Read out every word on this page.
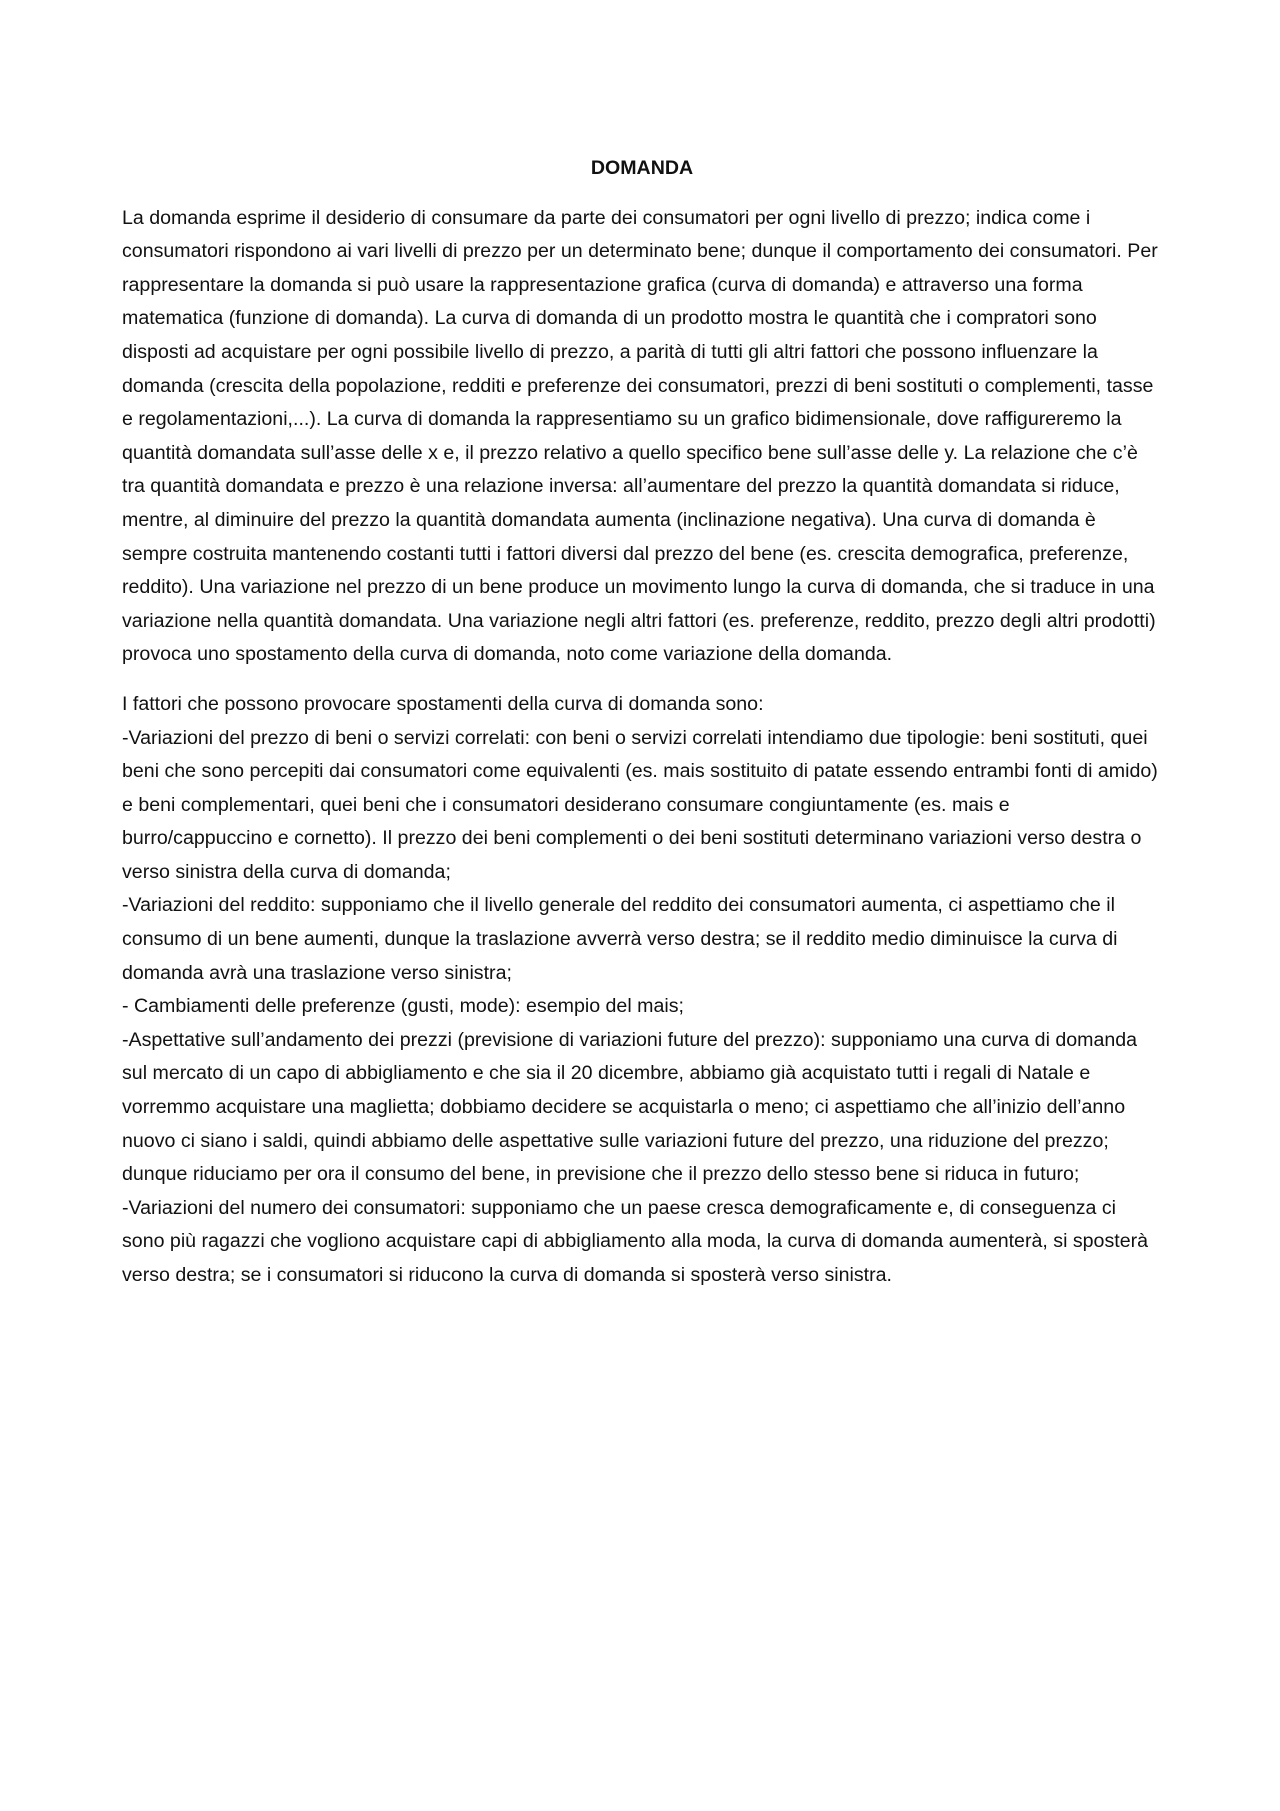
DOMANDA

La domanda esprime il desiderio di consumare da parte dei consumatori per ogni livello di prezzo; indica come i consumatori rispondono ai vari livelli di prezzo per un determinato bene; dunque il comportamento dei consumatori. Per rappresentare la domanda si può usare la rappresentazione grafica (curva di domanda) e attraverso una forma matematica (funzione di domanda). La curva di domanda di un prodotto mostra le quantità che i compratori sono disposti ad acquistare per ogni possibile livello di prezzo, a parità di tutti gli altri fattori che possono influenzare la domanda (crescita della popolazione, redditi e preferenze dei consumatori, prezzi di beni sostituti o complementi, tasse e regolamentazioni,...). La curva di domanda la rappresentiamo su un grafico bidimensionale, dove raffigureremo la quantità domandata sull’asse delle x e, il prezzo relativo a quello specifico bene sull’asse delle y. La relazione che c’è tra quantità domandata e prezzo è una relazione inversa: all’aumentare del prezzo la quantità domandata si riduce, mentre, al diminuire del prezzo la quantità domandata aumenta (inclinazione negativa). Una curva di domanda è sempre costruita mantenendo costanti tutti i fattori diversi dal prezzo del bene (es. crescita demografica, preferenze, reddito). Una variazione nel prezzo di un bene produce un movimento lungo la curva di domanda, che si traduce in una variazione nella quantità domandata. Una variazione negli altri fattori (es. preferenze, reddito, prezzo degli altri prodotti) provoca uno spostamento della curva di domanda, noto come variazione della domanda.

I fattori che possono provocare spostamenti della curva di domanda sono:

-Variazioni del prezzo di beni o servizi correlati: con beni o servizi correlati intendiamo due tipologie: beni sostituti, quei beni che sono percepiti dai consumatori come equivalenti (es. mais sostituito di patate essendo entrambi fonti di amido) e beni complementari, quei beni che i consumatori desiderano consumare congiuntamente (es. mais e burro/cappuccino e cornetto). Il prezzo dei beni complementi o dei beni sostituti determinano variazioni verso destra o verso sinistra della curva di domanda;

-Variazioni del reddito: supponiamo che il livello generale del reddito dei consumatori aumenta, ci aspettiamo che il consumo di un bene aumenti, dunque la traslazione avverrà verso destra; se il reddito medio diminuisce la curva di domanda avrà una traslazione verso sinistra;

- Cambiamenti delle preferenze (gusti, mode): esempio del mais;

-Aspettative sull’andamento dei prezzi (previsione di variazioni future del prezzo): supponiamo una curva di domanda sul mercato di un capo di abbigliamento e che sia il 20 dicembre, abbiamo già acquistato tutti i regali di Natale e vorremmo acquistare una maglietta; dobbiamo decidere se acquistarla o meno; ci aspettiamo che all’inizio dell’anno nuovo ci siano i saldi, quindi abbiamo delle aspettative sulle variazioni future del prezzo, una riduzione del prezzo; dunque riduciamo per ora il consumo del bene, in previsione che il prezzo dello stesso bene si riduca in futuro;

-Variazioni del numero dei consumatori: supponiamo che un paese cresca demograficamente e, di conseguenza ci sono più ragazzi che vogliono acquistare capi di abbigliamento alla moda, la curva di domanda aumenterà, si sposterà verso destra; se i consumatori si riducono la curva di domanda si sposterà verso sinistra.
